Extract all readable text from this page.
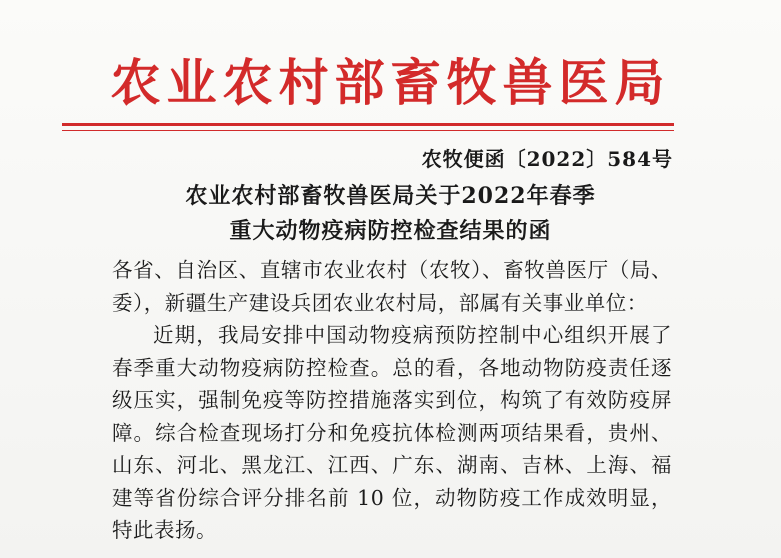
农业农村部畜牧兽医局
农牧便函〔2022〕584号
农业农村部畜牧兽医局关于2022年春季
重大动物疫病防控检查结果的函
各省、自治区、直辖市农业农村（农牧）、畜牧兽医厅（局、委），新疆生产建设兵团农业农村局，部属有关事业单位：
近期，我局安排中国动物疫病预防控制中心组织开展了春季重大动物疫病防控检查。总的看，各地动物防疫责任逐级压实，强制免疫等防控措施落实到位，构筑了有效防疫屏障。综合检查现场打分和免疫抗体检测两项结果看，贵州、山东、河北、黑龙江、江西、广东、湖南、吉林、上海、福建等省份综合评分排名前 10 位，动物防疫工作成效明显，特此表扬。
